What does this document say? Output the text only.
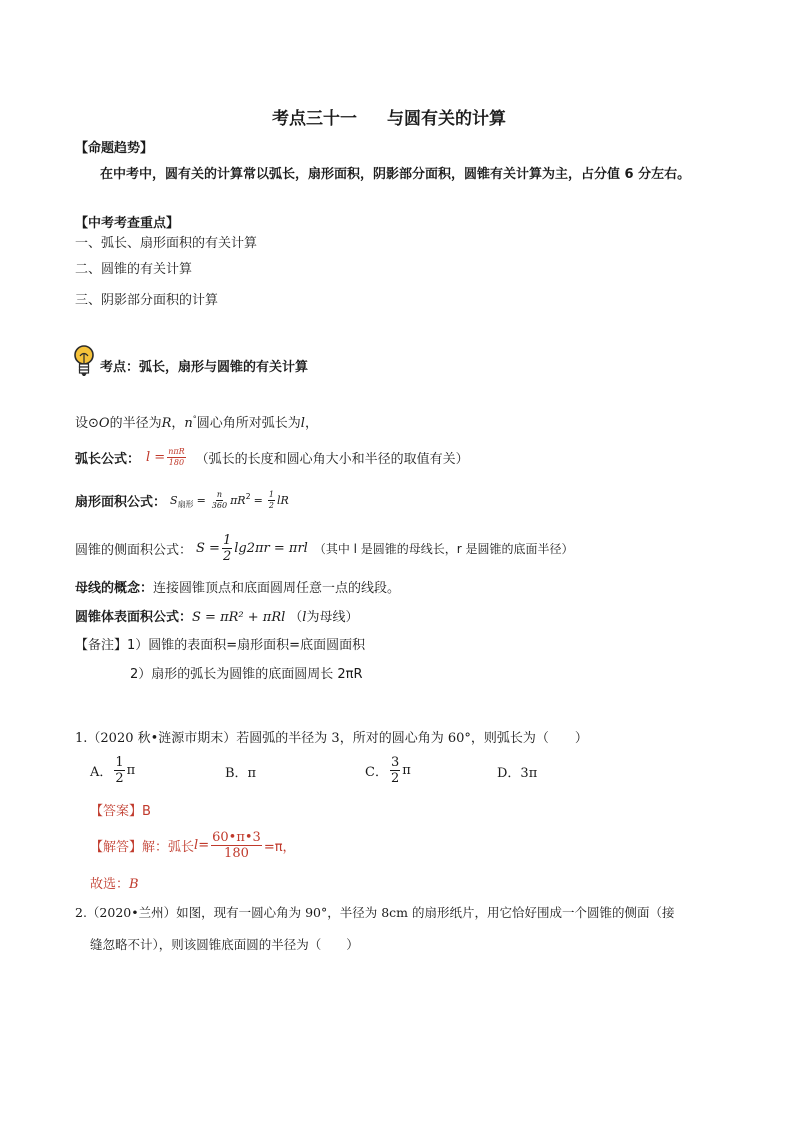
考点三十一 与圆有关的计算
【命题趋势】
在中考中，圆有关的计算常以弧长，扇形面积，阴影部分面积，圆锥有关计算为主，占分值 6 分左右。
【中考考查重点】
一、弧长、扇形面积的有关计算
二、圆锥的有关计算
三、阴影部分面积的计算
考点：弧长，扇形与圆锥的有关计算
设⊙O的半径为R，n°圆心角所对弧长为l，
弧长公式： $l = \frac{\text{nπR}}{180}$ （弧长的长度和圆心角大小和半径的取值有关）
扇形面积公式： $S_{扇形} = \frac{n}{360} \pi R^2 = \frac{1}{2}$ lR
圆锥的侧面积公式： $S = \frac{1}{2} \lg 2\pi r = \pi rl$ （其中 l 是圆锥的母线长，r 是圆锥的底面半径）
母线的概念：连接圆锥顶点和底面圆周任意一点的线段。
圆锥体表面积公式：S = πR² + πRl （l为母线）
【备注】1）圆锥的表面积=扇形面积=底面圆面积
2）扇形的弧长为圆锥的底面圆周长 2πR
1.（2020 秋•涟源市期末）若圆弧的半径为 3，所对的圆心角为 60°，则弧长为（　　）
A． $\frac{1}{2}$ π	B．π	C． $\frac{3}{2}$ π	D．3π
【答案】B
【解答】 解：弧长 $l = \frac{60•\pi•3}{180} =\pi$，
故选：B
2.（2020•兰州）如图，现有一圆心角为 90°，半径为 8cm 的扇形纸片，用它恰好围成一个圆锥的侧面（接
缝忽略不计），则该圆锥底面圆的半径为（　　）
